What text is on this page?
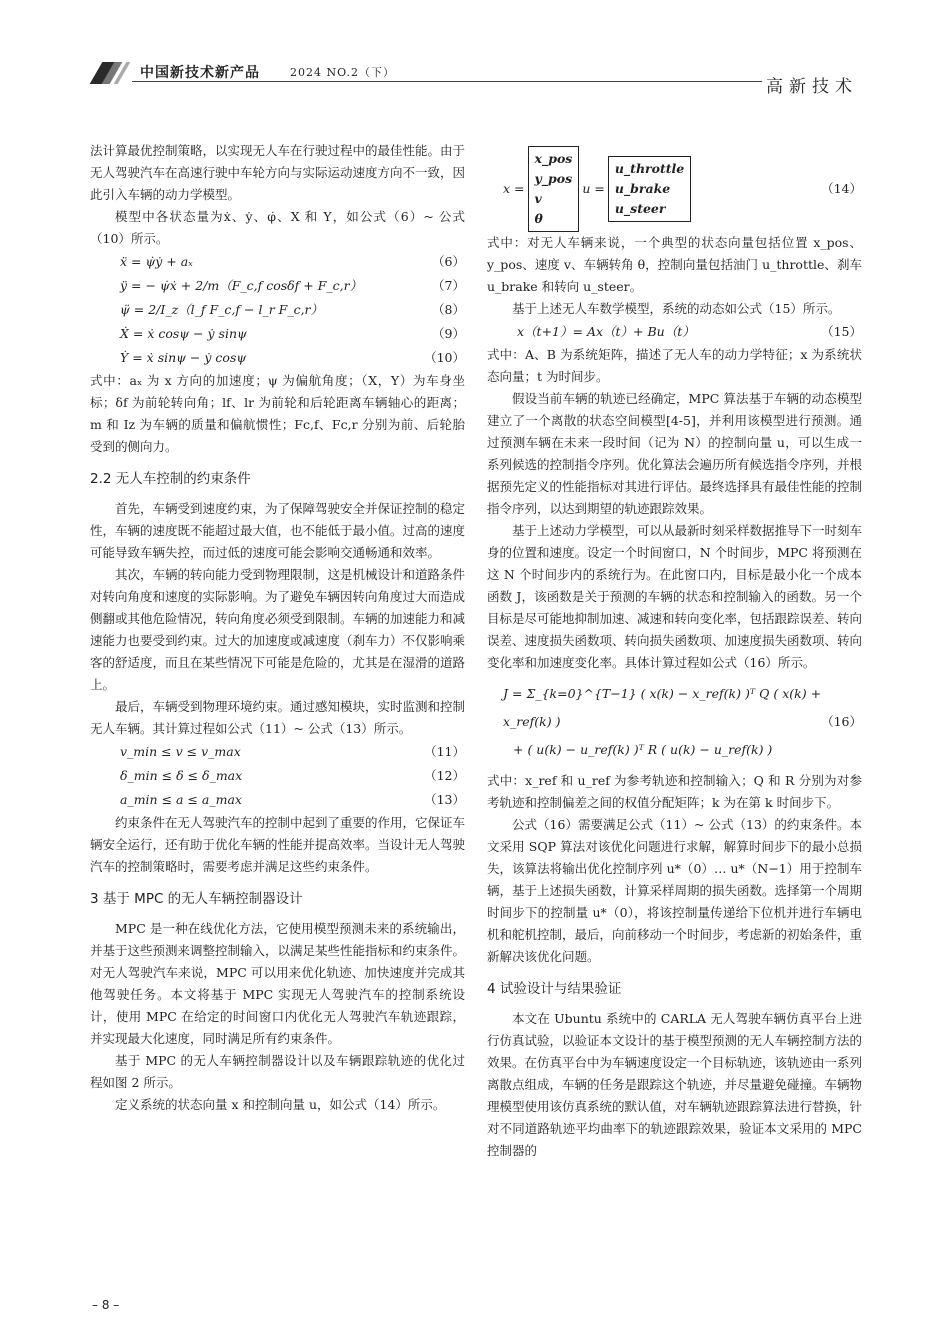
中国新技术新产品	2024 NO.2（下）
高新技术

法计算最优控制策略，以实现无人车在行驶过程中的最佳性能。由于无人驾驶汽车在高速行驶中车轮方向与实际运动速度方向不一致，因此引入车辆的动力学模型。

模型中各状态量为ẋ、ẏ、φ̇、X 和 Y，如公式（6）~ 公式（10）所示。

ẍ = ψ̇ẏ + aₓ	（6）
ÿ = − ψ̇ẋ + 2/m（F_c,f cosδf + F_c,r）	（7）
ψ̈ = 2/I_z（l_f F_c,f − l_r F_c,r）	（8）
Ẋ = ẋ cosψ − ẏ sinψ	（9）
Ẏ = ẋ sinψ − ẏ cosψ	（10）

式中：aₓ 为 x 方向的加速度；ψ 为偏航角度；（X，Y）为车身坐标；δf 为前轮转向角；lf、lr 为前轮和后轮距离车辆轴心的距离；m 和 Iz 为车辆的质量和偏航惯性；Fc,f、Fc,r 分别为前、后轮胎受到的侧向力。

2.2 无人车控制的约束条件

首先，车辆受到速度约束，为了保障驾驶安全并保证控制的稳定性，车辆的速度既不能超过最大值，也不能低于最小值。过高的速度可能导致车辆失控，而过低的速度可能会影响交通畅通和效率。

其次，车辆的转向能力受到物理限制，这是机械设计和道路条件对转向角度和速度的实际影响。为了避免车辆因转向角度过大而造成侧翻或其他危险情况，转向角度必须受到限制。车辆的加速能力和减速能力也要受到约束。过大的加速度或减速度（刹车力）不仅影响乘客的舒适度，而且在某些情况下可能是危险的，尤其是在湿滑的道路上。

最后，车辆受到物理环境约束。通过感知模块，实时监测和控制无人车辆。其计算过程如公式（11）~ 公式（13）所示。

v_min ≤ v ≤ v_max	（11）
δ_min ≤ δ ≤ δ_max	（12）
a_min ≤ a ≤ a_max	（13）

约束条件在无人驾驶汽车的控制中起到了重要的作用，它保证车辆安全运行，还有助于优化车辆的性能并提高效率。当设计无人驾驶汽车的控制策略时，需要考虑并满足这些约束条件。

3 基于 MPC 的无人车辆控制器设计

MPC 是一种在线优化方法，它使用模型预测未来的系统输出，并基于这些预测来调整控制输入，以满足某些性能指标和约束条件。对无人驾驶汽车来说，MPC 可以用来优化轨迹、加快速度并完成其他驾驶任务。本文将基于 MPC 实现无人驾驶汽车的控制系统设计，使用 MPC 在给定的时间窗口内优化无人驾驶汽车轨迹跟踪，并实现最大化速度，同时满足所有约束条件。

基于 MPC 的无人车辆控制器设计以及车辆跟踪轨迹的优化过程如图 2 所示。

定义系统的状态向量 x 和控制向量 u，如公式（14）所示。

x =
x_pos
y_pos
v
θ
u =
u_throttle
u_brake
u_steer
（14）

式中：对无人车辆来说，一个典型的状态向量包括位置 x_pos、y_pos、速度 v、车辆转角 θ，控制向量包括油门 u_throttle、刹车 u_brake 和转向 u_steer。

基于上述无人车数学模型，系统的动态如公式（15）所示。

x（t+1）= Ax（t）+ Bu（t）	（15）

式中：A、B 为系统矩阵，描述了无人车的动力学特征；x 为系统状态向量；t 为时间步。

假设当前车辆的轨迹已经确定，MPC 算法基于车辆的动态模型建立了一个离散的状态空间模型[4-5]，并利用该模型进行预测。通过预测车辆在未来一段时间（记为 N）的控制向量 u，可以生成一系列候选的控制指令序列。优化算法会遍历所有候选指令序列，并根据预先定义的性能指标对其进行评估。最终选择具有最佳性能的控制指令序列，以达到期望的轨迹跟踪效果。

基于上述动力学模型，可以从最新时刻采样数据推导下一时刻车身的位置和速度。设定一个时间窗口，N 个时间步，MPC 将预测在这 N 个时间步内的系统行为。在此窗口内，目标是最小化一个成本函数 J，该函数是关于预测的车辆的状态和控制输入的函数。另一个目标是尽可能地抑制加速、减速和转向变化率，包括跟踪误差、转向误差、速度损失函数项、转向损失函数项、加速度损失函数项、转向变化率和加速度变化率。具体计算过程如公式（16）所示。

J = Σ_{k=0}^{T−1} ( x(k) − x_ref(k) )ᵀ Q ( x(k) + x_ref(k) )
+ ( u(k) − u_ref(k) )ᵀ R ( u(k) − u_ref(k) )
（16）

式中：x_ref 和 u_ref 为参考轨迹和控制输入；Q 和 R 分别为对参考轨迹和控制偏差之间的权值分配矩阵；k 为在第 k 时间步下。

公式（16）需要满足公式（11）~ 公式（13）的约束条件。本文采用 SQP 算法对该优化问题进行求解，解算时间步下的最小总损失，该算法将输出优化控制序列 u*（0）… u*（N−1）用于控制车辆，基于上述损失函数，计算采样周期的损失函数。选择第一个周期时间步下的控制量 u*（0），将该控制量传递给下位机并进行车辆电机和舵机控制，最后，向前移动一个时间步，考虑新的初始条件，重新解决该优化问题。

4 试验设计与结果验证

本文在 Ubuntu 系统中的 CARLA 无人驾驶车辆仿真平台上进行仿真试验，以验证本文设计的基于模型预测的无人车辆控制方法的效果。在仿真平台中为车辆速度设定一个目标轨迹，该轨迹由一系列离散点组成，车辆的任务是跟踪这个轨迹，并尽量避免碰撞。车辆物理模型使用该仿真系统的默认值，对车辆轨迹跟踪算法进行替换，针对不同道路轨迹平均曲率下的轨迹跟踪效果，验证本文采用的 MPC 控制器的

– 8 –
